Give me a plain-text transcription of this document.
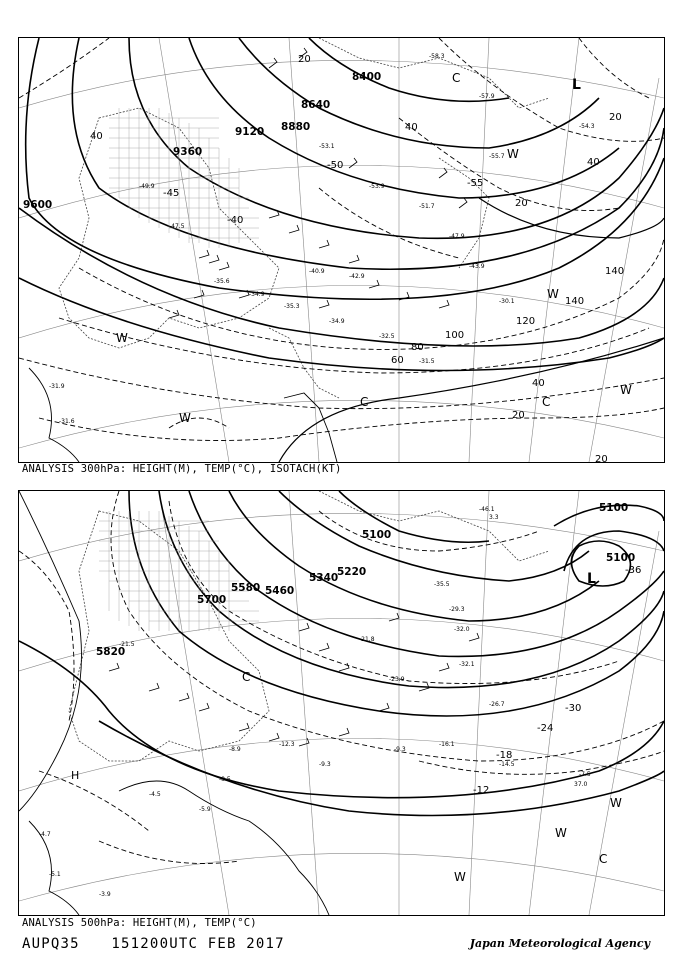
-35.6
-34.9
-35.3
-34.9
-32.5
-31.5
-40.9
-42.9
-53.1
-53.9
-51.7
-47.9
-43.9
-30.1
-58.3
-57.9
-55.7
-47.5
-49.9
-31.9
-31.6
-54.3
8400
8640
8880
9120
9360
9600
20
40
60
80
100
120
140
140
40
20
20
20
20
40
40
-40
-45
-50
-55
L
C
C	C
W
W
W
W
W
ANALYSIS 300hPa: HEIGHT(M), TEMP(°C), ISOTACH(KT)
-46.1
3.3
-35.5
-29.3
-32.0
-32.1
-26.7
-14.5
-7.5
37.0
-9.3
-16.1
-9.3
-12.3
-8.9
-8.5
-5.9
-4.5
-4.7
-5.1
-3.9
-21.5
-21.8
-23.9
5100
5100
5100
5220
5340
5460
5580
5700
5820
-12
-18
-24
-30
-36
L
C
C
H
W
W
W
ANALYSIS 500hPa: HEIGHT(M), TEMP(°C)
AUPQ35 151200UTC FEB 2017	Japan Meteorological Agency
